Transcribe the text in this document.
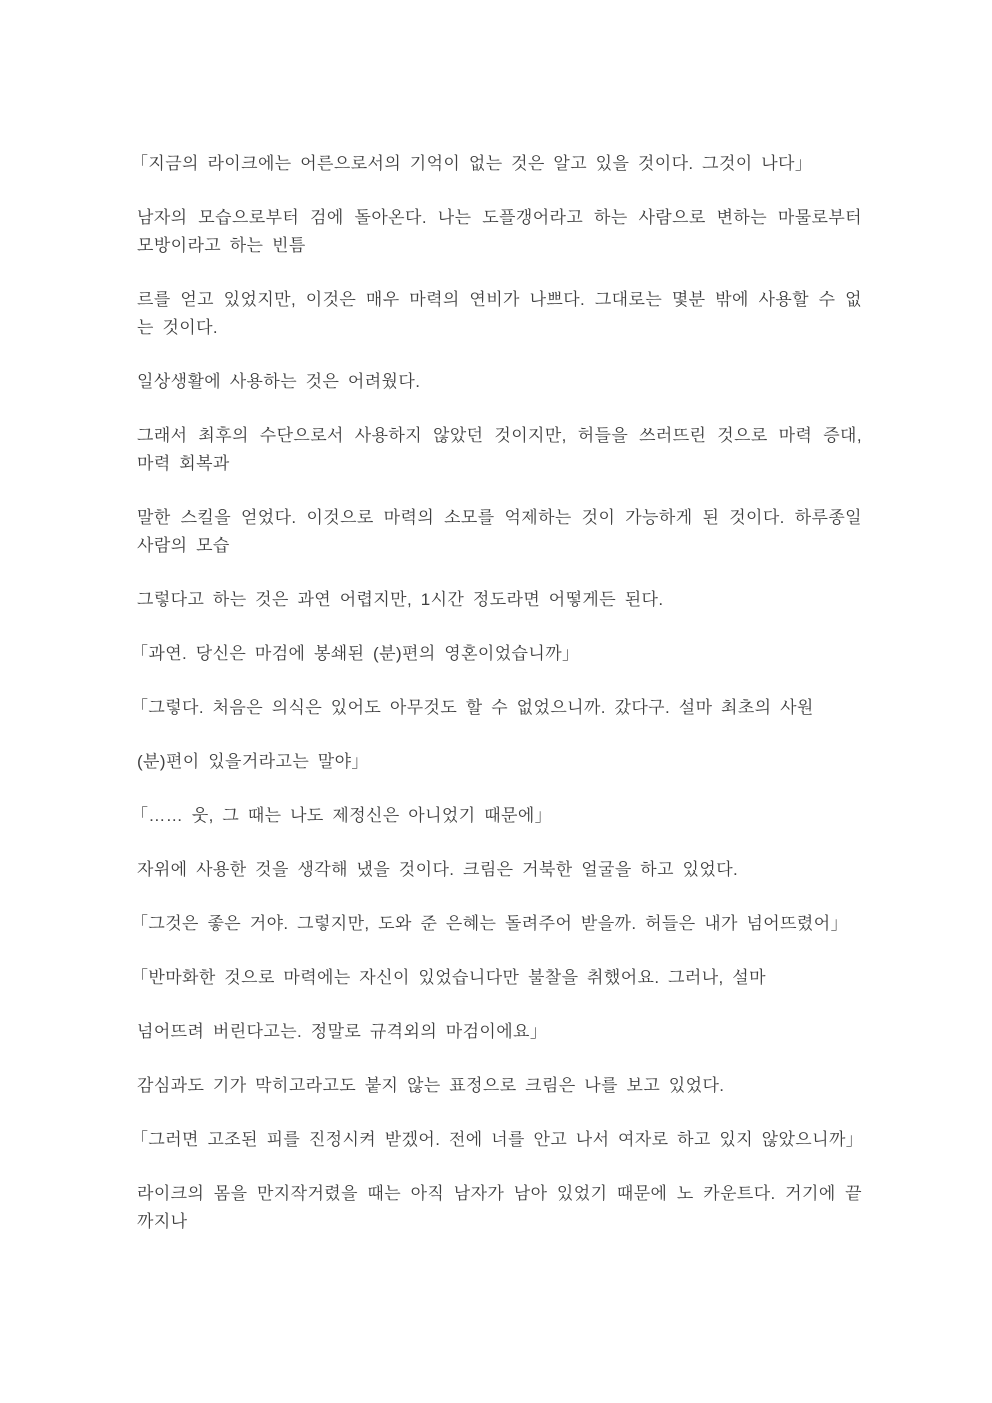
「지금의 라이크에는 어른으로서의 기억이 없는 것은 알고 있을 것이다. 그것이 나다」

남자의 모습으로부터 검에 돌아온다. 나는 도플갱어라고 하는 사람으로 변하는 마물로부터 모방이라고 하는 빈틈

르를 얻고 있었지만, 이것은 매우 마력의 연비가 나쁘다. 그대로는 몇분 밖에 사용할 수 없는 것이다.

일상생활에 사용하는 것은 어려웠다.

그래서 최후의 수단으로서 사용하지 않았던 것이지만, 허들을 쓰러뜨린 것으로 마력 증대, 마력 회복과

말한 스킬을 얻었다. 이것으로 마력의 소모를 억제하는 것이 가능하게 된 것이다. 하루종일 사람의 모습

그렇다고 하는 것은 과연 어렵지만, 1시간 정도라면 어떻게든 된다.

「과연. 당신은 마검에 봉쇄된 (분)편의 영혼이었습니까」

「그렇다. 처음은 의식은 있어도 아무것도 할 수 없었으니까. 갔다구. 설마 최초의 사원

(분)편이 있을거라고는 말야」

「…… 웃, 그 때는 나도 제정신은 아니었기 때문에」

자위에 사용한 것을 생각해 냈을 것이다. 크림은 거북한 얼굴을 하고 있었다.

「그것은 좋은 거야. 그렇지만, 도와 준 은혜는 돌려주어 받을까. 허들은 내가 넘어뜨렸어」

「반마화한 것으로 마력에는 자신이 있었습니다만 불찰을 취했어요. 그러나, 설마

넘어뜨려 버린다고는. 정말로 규격외의 마검이에요」

감심과도 기가 막히고라고도 붙지 않는 표정으로 크림은 나를 보고 있었다.

「그러면 고조된 피를 진정시켜 받겠어. 전에 너를 안고 나서 여자로 하고 있지 않았으니까」

라이크의 몸을 만지작거렸을 때는 아직 남자가 남아 있었기 때문에 노 카운트다. 거기에 끝까지나
